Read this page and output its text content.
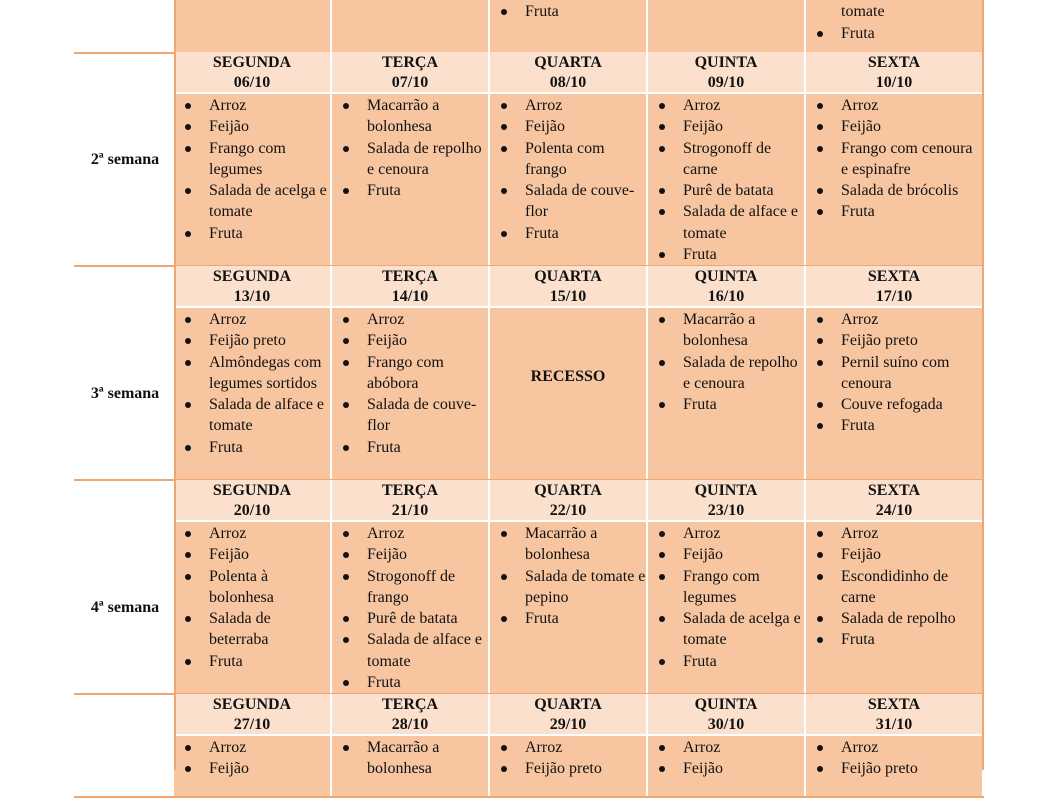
Fruta	tomate
Fruta
2ª semana
SEGUNDA
06/10
Arroz
Feijão
Frango com legumes
Salada de acelga e tomate
Fruta
TERÇA
07/10
Macarrão a bolonhesa
Salada de repolho e cenoura
Fruta
QUARTA
08/10
Arroz
Feijão
Polenta com frango
Salada de couve-flor
Fruta
QUINTA
09/10
Arroz
Feijão
Strogonoff de carne
Purê de batata
Salada de alface e tomate
Fruta
SEXTA
10/10
Arroz
Feijão
Frango com cenoura e espinafre
Salada de brócolis
Fruta
3ª semana
SEGUNDA
13/10
Arroz
Feijão preto
Almôndegas com legumes sortidos
Salada de alface e tomate
Fruta
TERÇA
14/10
Arroz
Feijão
Frango com abóbora
Salada de couve-flor
Fruta
QUARTA
15/10
RECESSO
QUINTA
16/10
Macarrão a bolonhesa
Salada de repolho e cenoura
Fruta
SEXTA
17/10
Arroz
Feijão preto
Pernil suíno com cenoura
Couve refogada
Fruta
4ª semana
SEGUNDA
20/10
Arroz
Feijão
Polenta à bolonhesa
Salada de beterraba
Fruta
TERÇA
21/10
Arroz
Feijão
Strogonoff de frango
Purê de batata
Salada de alface e tomate
Fruta
QUARTA
22/10
Macarrão a bolonhesa
Salada de tomate e pepino
Fruta
QUINTA
23/10
Arroz
Feijão
Frango com legumes
Salada de acelga e tomate
Fruta
SEXTA
24/10
Arroz
Feijão
Escondidinho de carne
Salada de repolho
Fruta
SEGUNDA
27/10
Arroz
Feijão
TERÇA
28/10
Macarrão a bolonhesa
QUARTA
29/10
Arroz
Feijão preto
QUINTA
30/10
Arroz
Feijão
SEXTA
31/10
Arroz
Feijão preto
